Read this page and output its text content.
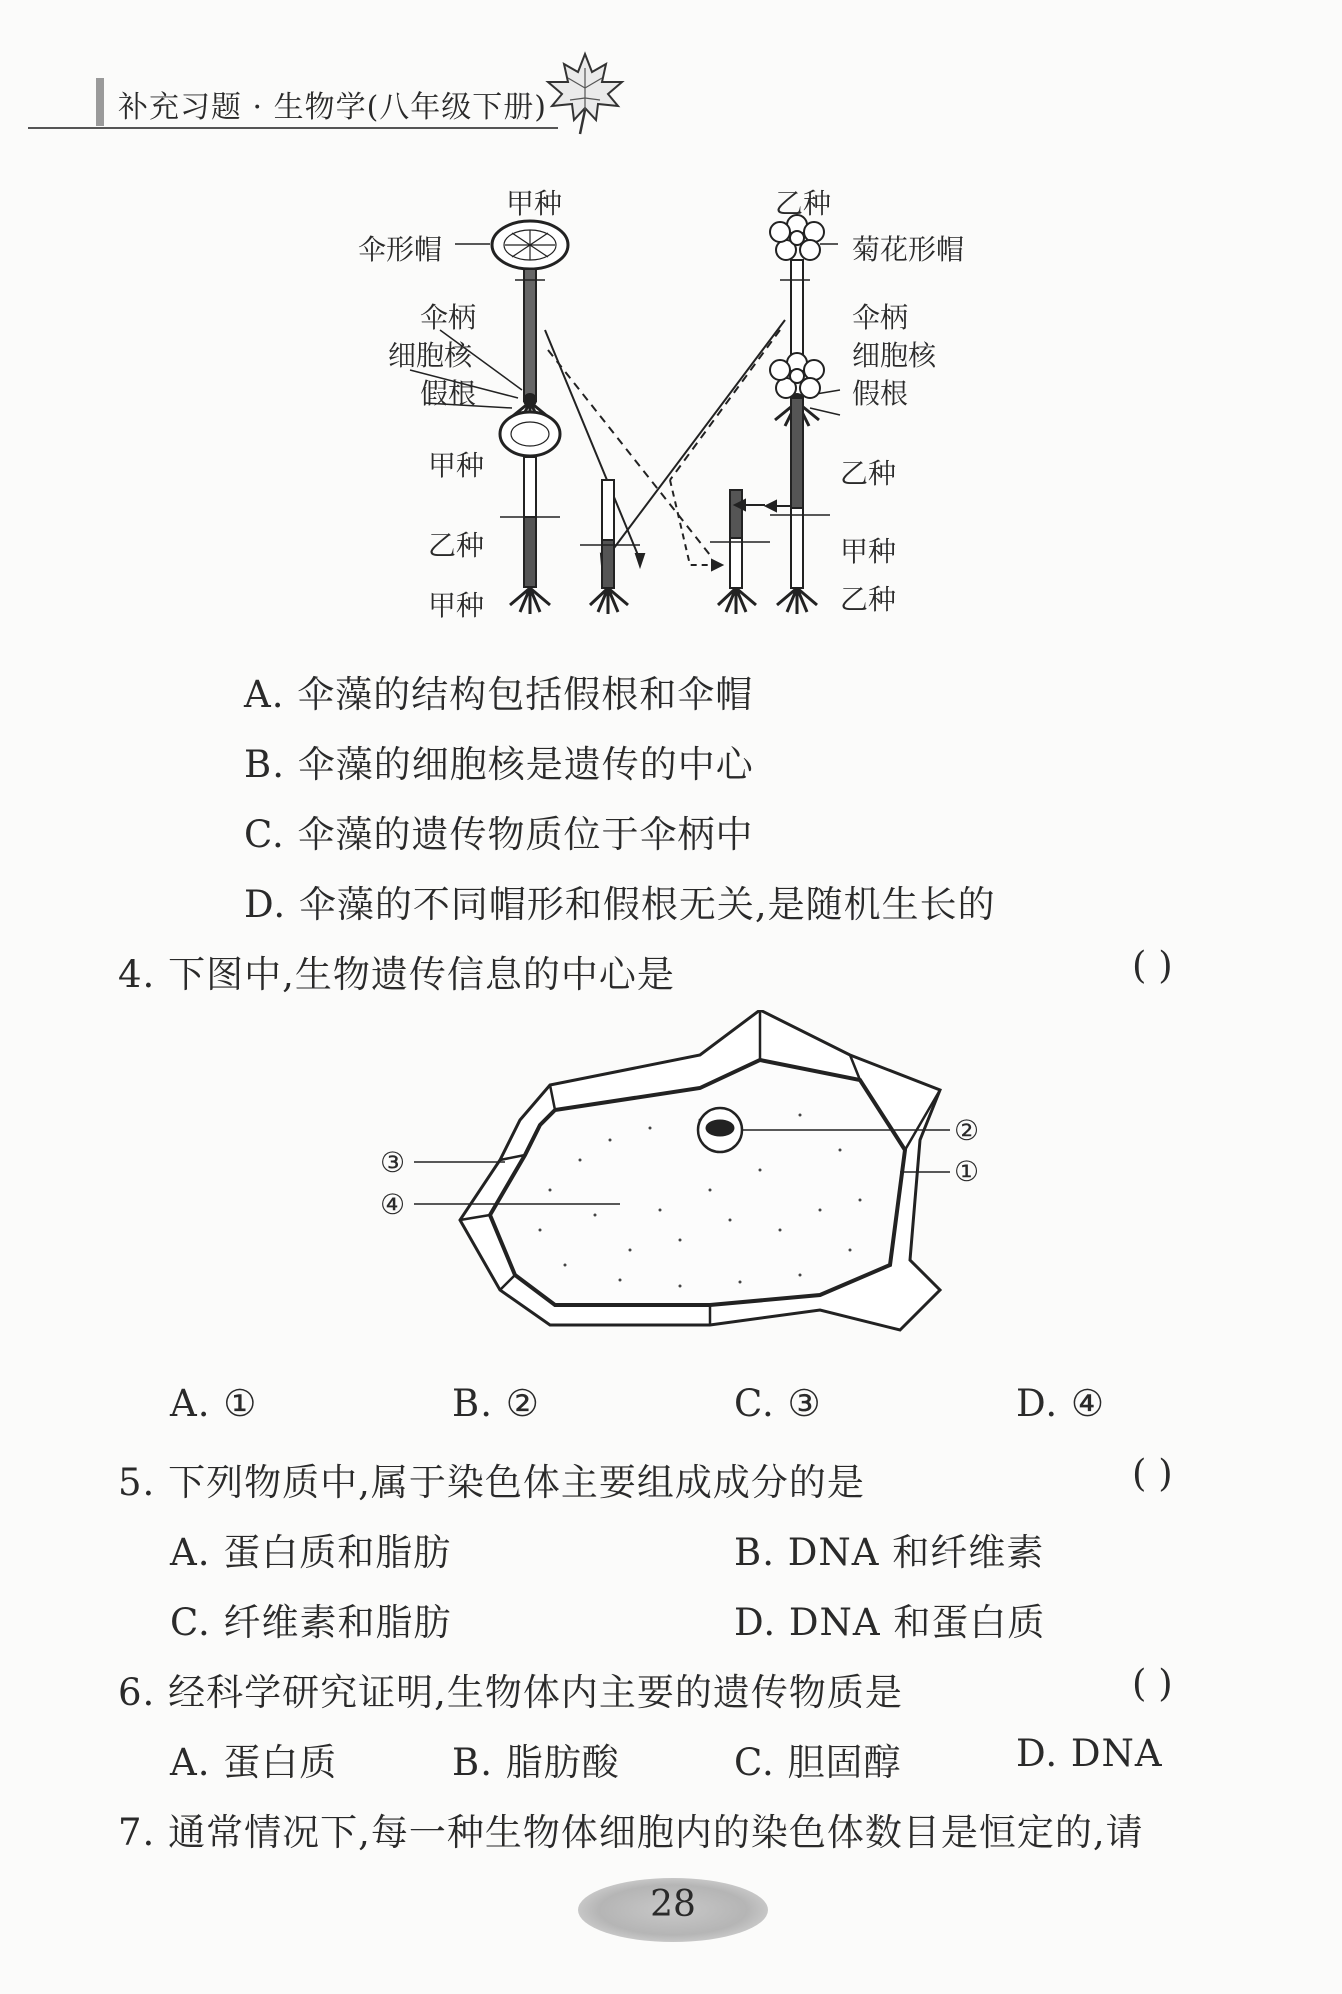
补充习题 · 生物学(八年级下册)
甲种	乙种
伞形帽	菊花形帽
伞柄	伞柄
细胞核	细胞核
假根	假根
甲种
乙种
甲种
乙种
甲种
乙种
A. 伞藻的结构包括假根和伞帽
B. 伞藻的细胞核是遗传的中心
C. 伞藻的遗传物质位于伞柄中
D. 伞藻的不同帽形和假根无关,是随机生长的
4. 下图中,生物遗传信息的中心是	( )
②
①
③
④
A. ①	B. ②	C. ③	D. ④
5. 下列物质中,属于染色体主要组成成分的是	( )
A. 蛋白质和脂肪	B. DNA 和纤维素
C. 纤维素和脂肪	D. DNA 和蛋白质
6. 经科学研究证明,生物体内主要的遗传物质是	( )
A. 蛋白质	B. 脂肪酸	C. 胆固醇	D. DNA
7. 通常情况下,每一种生物体细胞内的染色体数目是恒定的,请
28
